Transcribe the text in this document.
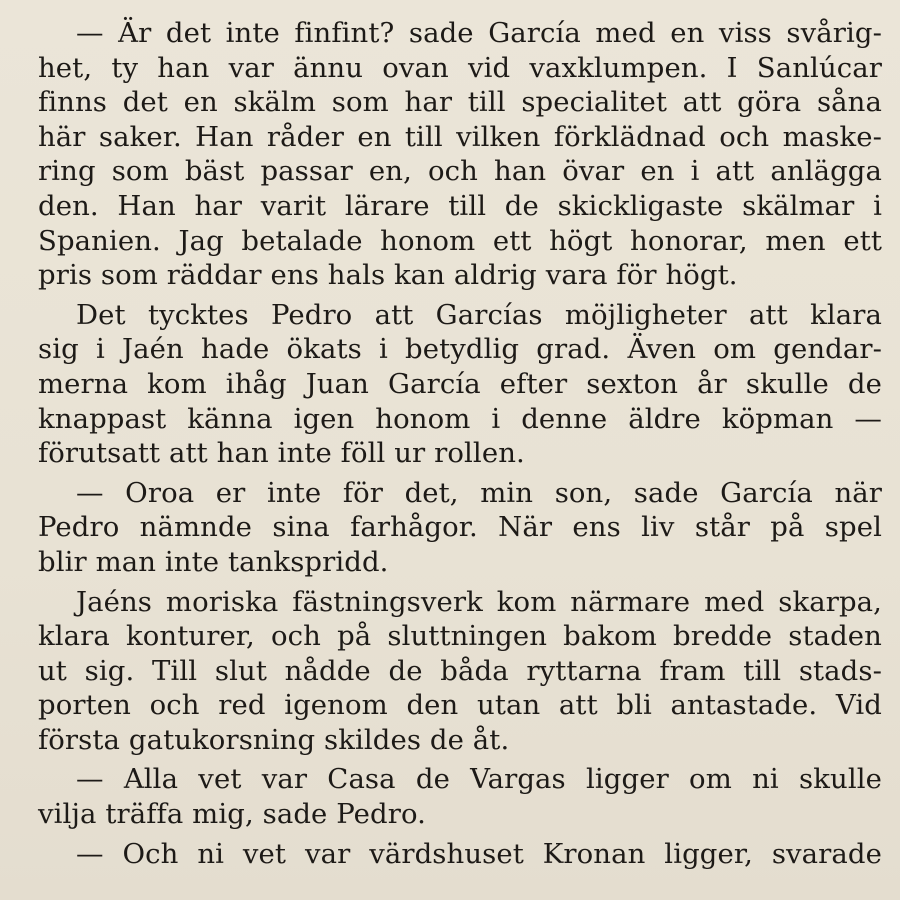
— Är det inte finfint? sade García med en viss svårig-
het, ty han var ännu ovan vid vaxklumpen. I Sanlúcar
finns det en skälm som har till specialitet att göra såna
här saker. Han råder en till vilken förklädnad och maske-
ring som bäst passar en, och han övar en i att anlägga
den. Han har varit lärare till de skickligaste skälmar i
Spanien. Jag betalade honom ett högt honorar, men ett
pris som räddar ens hals kan aldrig vara för högt.
Det tycktes Pedro att Garcías möjligheter att klara
sig i Jaén hade ökats i betydlig grad. Även om gendar-
merna kom ihåg Juan García efter sexton år skulle de
knappast känna igen honom i denne äldre köpman —
förutsatt att han inte föll ur rollen.
— Oroa er inte för det, min son, sade García när
Pedro nämnde sina farhågor. När ens liv står på spel
blir man inte tankspridd.
Jaéns moriska fästningsverk kom närmare med skarpa,
klara konturer, och på sluttningen bakom bredde staden
ut sig. Till slut nådde de båda ryttarna fram till stads-
porten och red igenom den utan att bli antastade. Vid
första gatukorsning skildes de åt.
— Alla vet var Casa de Vargas ligger om ni skulle
vilja träffa mig, sade Pedro.
— Och ni vet var värdshuset Kronan ligger, svarade
